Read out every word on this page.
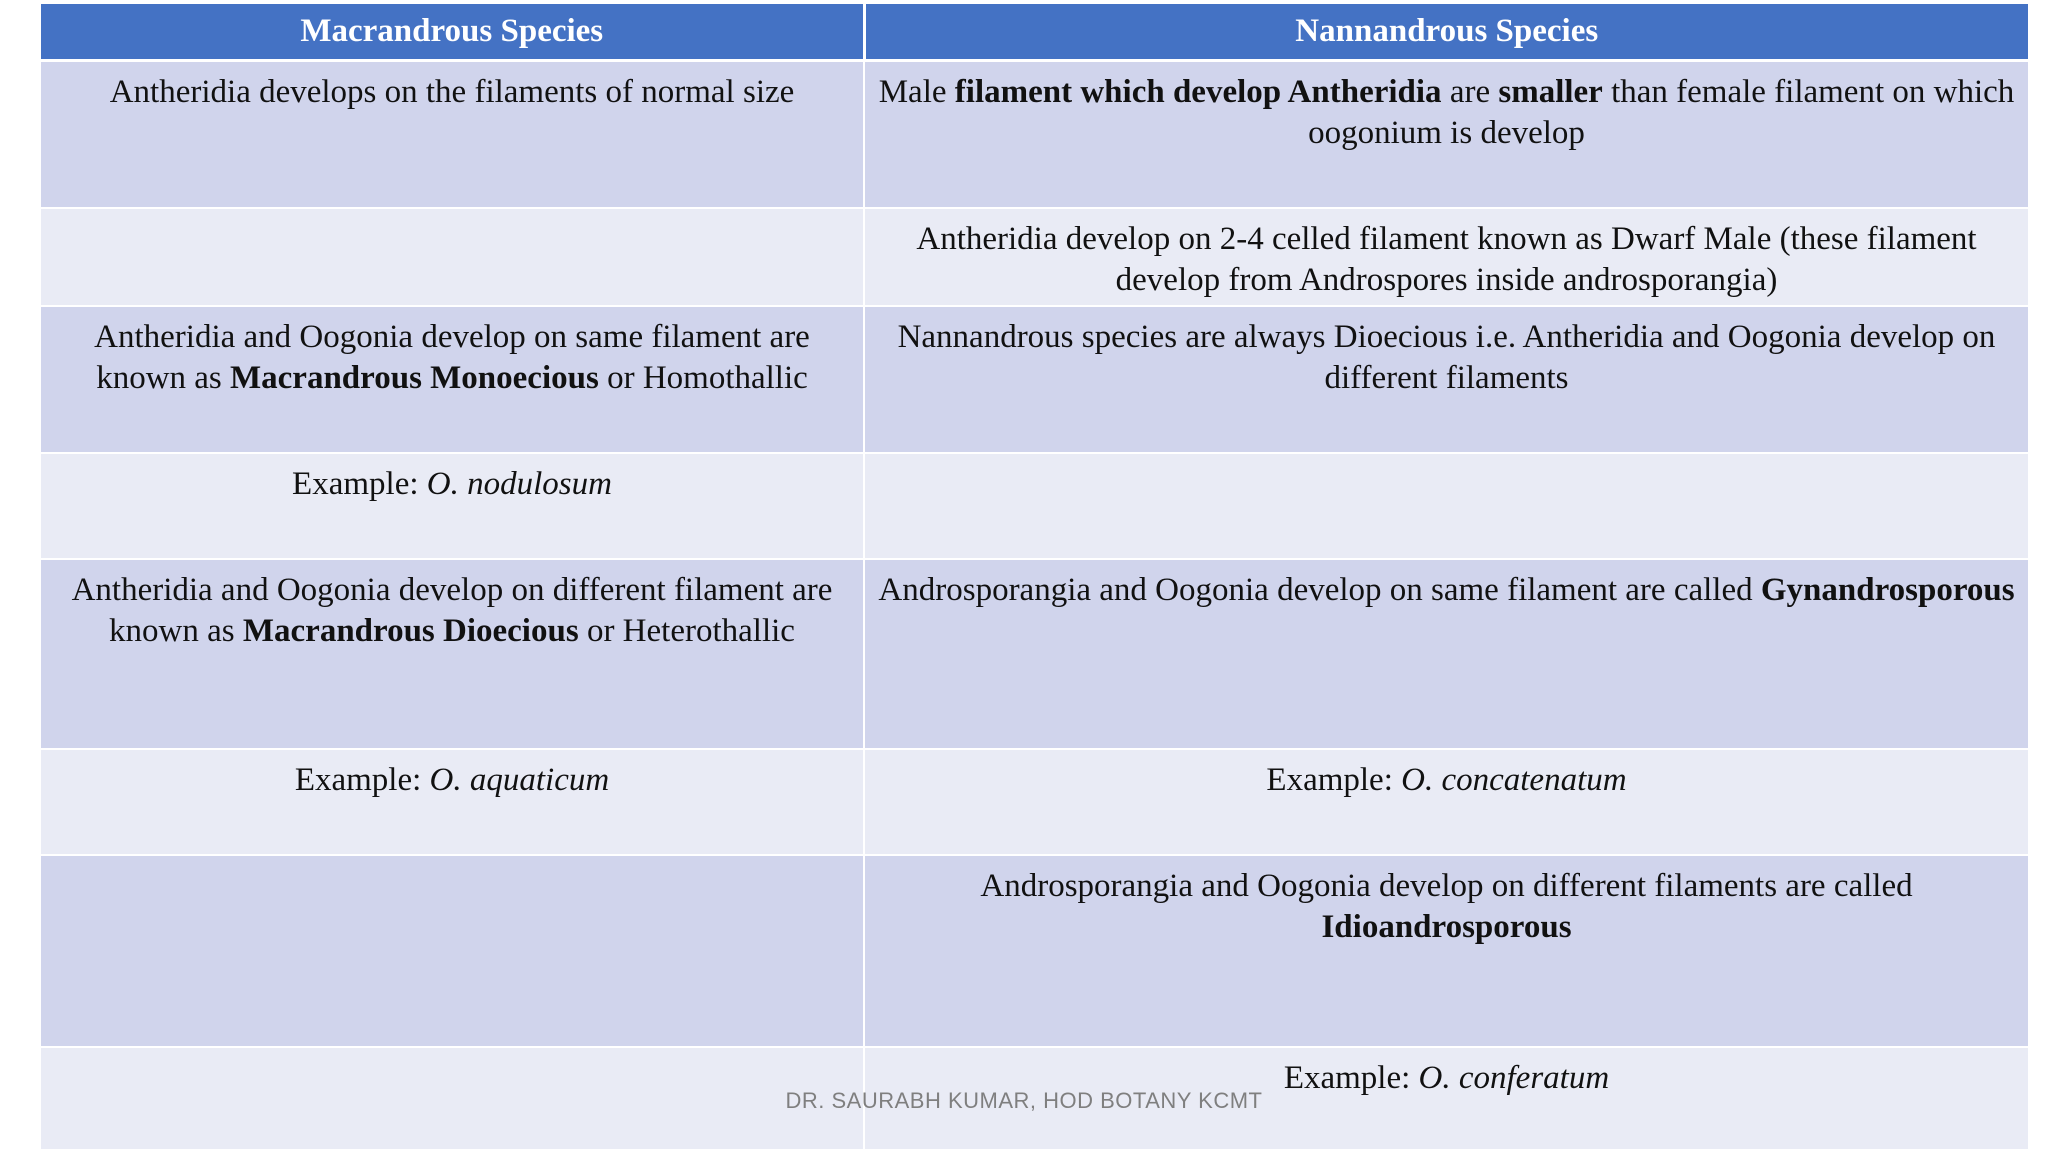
Macrandrous Species	Nannandrous Species
Antheridia develops on the filaments of normal size	Male filament which develop Antheridia are smaller than female filament on which oogonium is develop
	Antheridia develop on 2-4 celled filament known as Dwarf Male (these filament develop from Androspores inside androsporangia)
Antheridia and Oogonia develop on same filament are known as Macrandrous Monoecious or Homothallic	Nannandrous species are always Dioecious i.e. Antheridia and Oogonia develop on different filaments
Example: O. nodulosum	
Antheridia and Oogonia develop on different filament are known as Macrandrous Dioecious or Heterothallic	Androsporangia and Oogonia develop on same filament are called Gynandrosporous
Example: O. aquaticum	Example: O. concatenatum
	Androsporangia and Oogonia develop on different filaments are called Idioandrosporous
	Example: O. conferatum
DR. SAURABH KUMAR, HOD BOTANY KCMT
